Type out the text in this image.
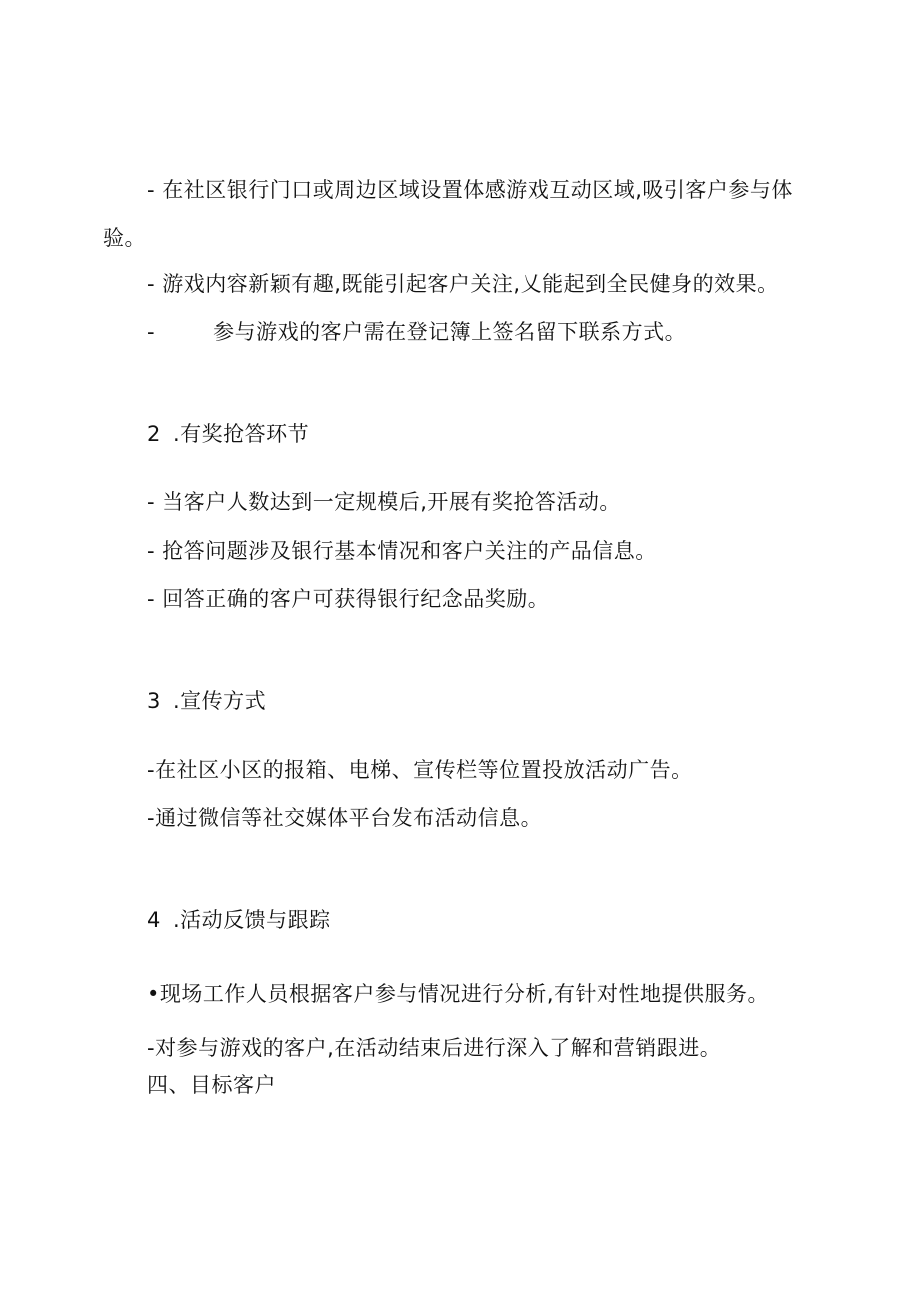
- 在社区银行门口或周边区域设置体感游戏互动区域,吸引客户参与体
验。
- 游戏内容新颖有趣,既能引起客户关注,乂能起到全民健身的效果。
-	参与游戏的客户需在登记簿上签名留下联系方式。
2 .有奖抢答环节
- 当客户人数达到一定规模后,开展有奖抢答活动。
- 抢答问题涉及银行基本情况和客户关注的产品信息。
- 回答正确的客户可获得银行纪念品奖励。
3 .宣传方式
-在社区小区的报箱、电梯、宣传栏等位置投放活动广告。
-通过微信等社交媒体平台发布活动信息。
4 .活动反馈与跟踪
•现场工作人员根据客户参与情况进行分析,有针对性地提供服务。
-对参与游戏的客户,在活动结束后进行深入了解和营销跟进。
四、目标客户
